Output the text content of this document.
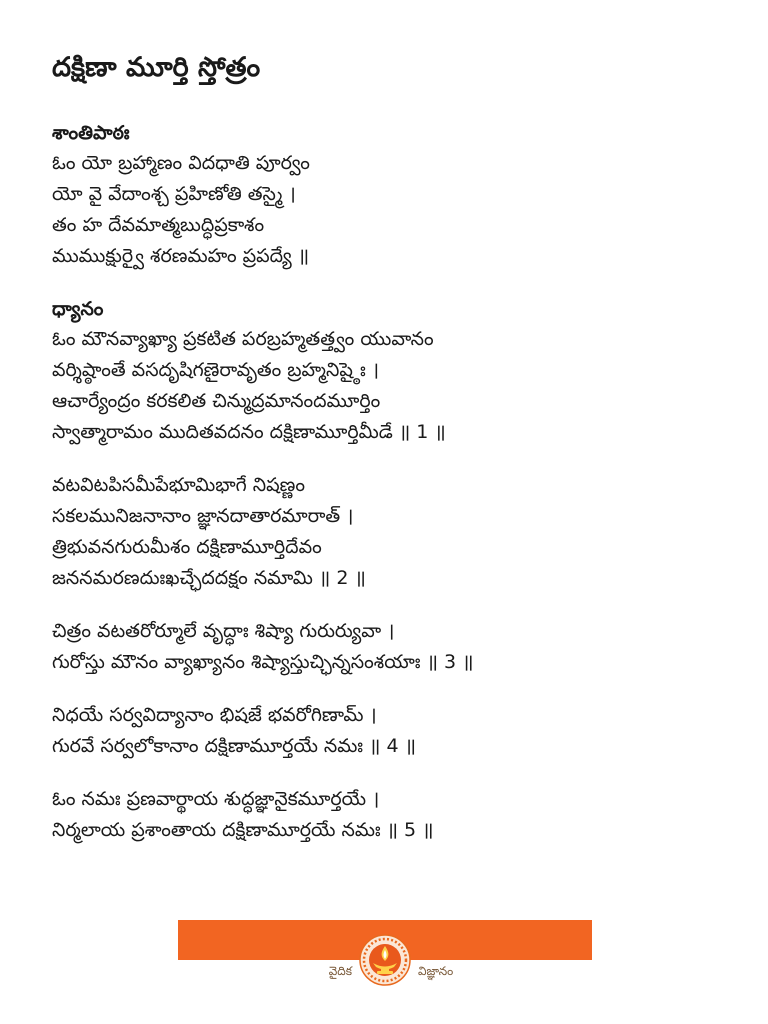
దక్షిణా మూర్తి స్తోత్రం
శాంతిపాఠః
ఓం యో బ్రహ్మాణం విదధాతి పూర్వం
యో వై వేదాంశ్చ ప్రహిణోతి తస్మై ।
తం హ దేవమాత్మబుద్ధిప్రకాశం
ముముక్షుర్వై శరణమహం ప్రపద్యే ॥
ధ్యానం
ఓం మౌనవ్యాఖ్యా ప్రకటిత పరబ్రహ్మతత్త్వం యువానం
వర్శిష్ఠాంతే వసదృషిగణైరావృతం బ్రహ్మనిష్ఠైః ।
ఆచార్యేంద్రం కరకలిత చిన్ముద్రమానందమూర్తిం
స్వాత్మారామం ముదితవదనం దక్షిణామూర్తిమీడే ॥ 1 ॥
వటవిటపిసమీపేభూమిభాగే నిషణ్ణం
సకలమునిజనానాం జ్ఞానదాతారమారాత్ ।
త్రిభువనగురుమీశం దక్షిణామూర్తిదేవం
జననమరణదుఃఖచ్ఛేదదక్షం నమామి ॥ 2 ॥
చిత్రం వటతరోర్మూలే వృద్ధాః శిష్యా గురుర్యువా ।
గురోస్తు మౌనం వ్యాఖ్యానం శిష్యాస్తుచ్ఛిన్నసంశయాః ॥ 3 ॥
నిధయే సర్వవిద్యానాం భిషజే భవరోగిణామ్ ।
గురవే సర్వలోకానాం దక్షిణామూర్తయే నమః ॥ 4 ॥
ఓం నమః ప్రణవార్థాయ శుద్ధజ్ఞానైకమూర్తయే ।
నిర్మలాయ ప్రశాంతాయ దక్షిణామూర్తయే నమః ॥ 5 ॥
వైదిక	విజ్ఞానం
